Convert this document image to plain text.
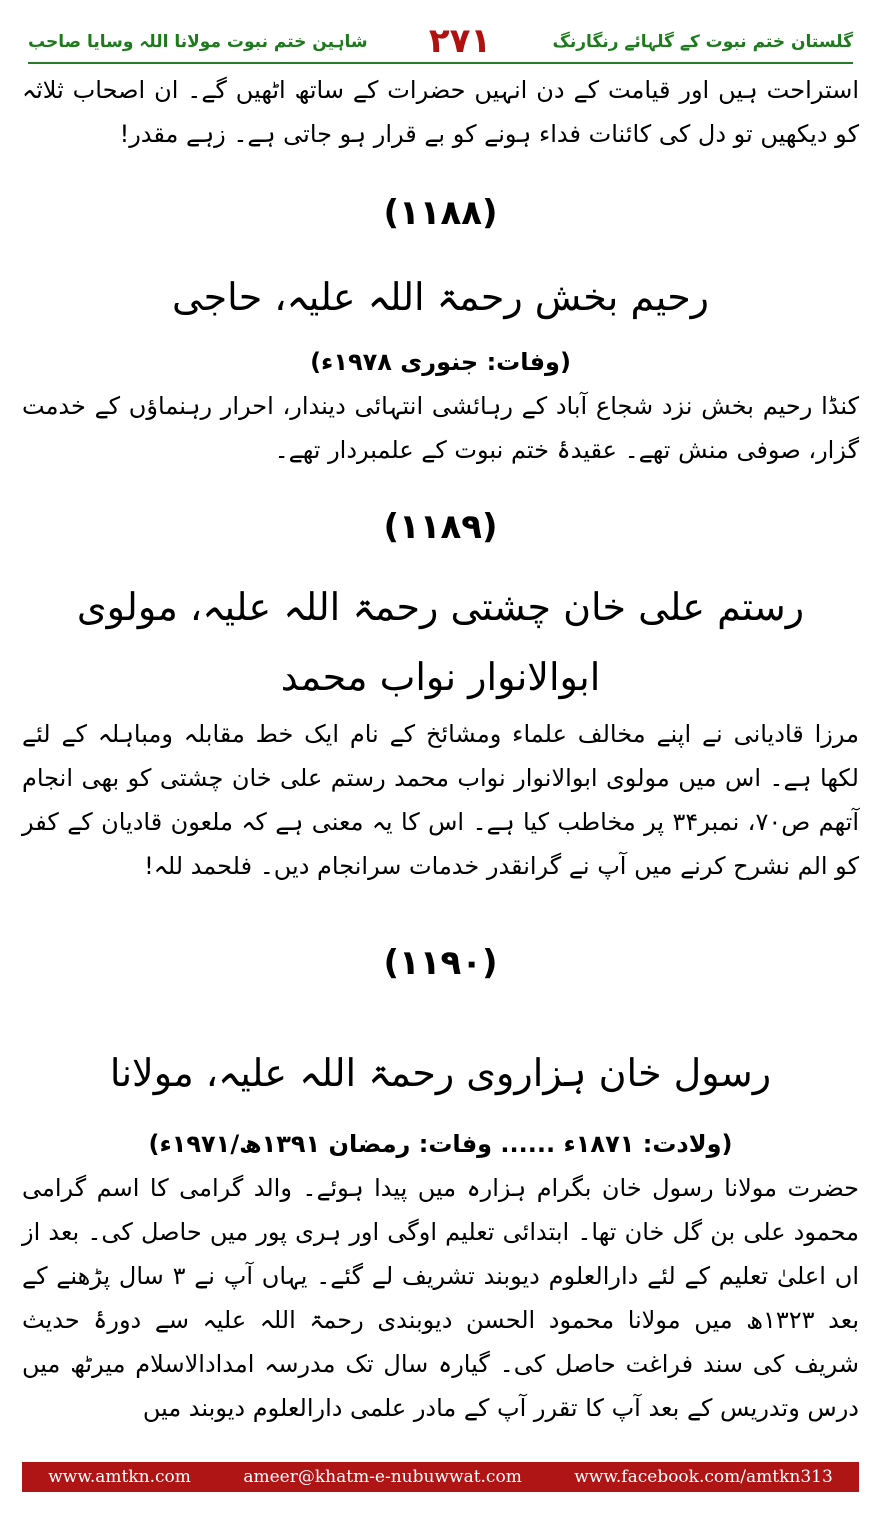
شاہین ختم نبوت مولانا اللہ وسایا صاحب ۲۷۱	گلستان ختم نبوت کے گلہائے رنگارنگ

استراحت ہیں اور قیامت کے دن انہیں حضرات کے ساتھ اٹھیں گے۔ ان اصحاب ثلاثہ کو دیکھیں تو دل کی کائنات فداء ہونے کو بے قرار ہو جاتی ہے۔ زہے مقدر!

(۱۱۸۸)

رحیم بخش رحمۃ اللہ علیہ، حاجی

(وفات: جنوری ۱۹۷۸ء)

کنڈا رحیم بخش نزد شجاع آباد کے رہائشی انتہائی دیندار، احرار رہنماؤں کے خدمت گزار، صوفی منش تھے۔ عقیدۂ ختم نبوت کے علمبردار تھے۔

(۱۱۸۹)

رستم علی خان چشتی رحمۃ اللہ علیہ، مولوی ابوالانوار نواب محمد

مرزا قادیانی نے اپنے مخالف علماء ومشائخ کے نام ایک خط مقابلہ ومباہلہ کے لئے لکھا ہے۔ اس میں مولوی ابوالانوار نواب محمد رستم علی خان چشتی کو بھی انجام آتھم ص۷۰، نمبر۳۴ پر مخاطب کیا ہے۔ اس کا یہ معنی ہے کہ ملعون قادیان کے کفر کو الم نشرح کرنے میں آپ نے گرانقدر خدمات سرانجام دیں۔ فلحمد للہ!

(۱۱۹۰)

رسول خان ہزاروی رحمۃ اللہ علیہ، مولانا

(ولادت: ۱۸۷۱ء ...... وفات: رمضان ۱۳۹۱ھ/۱۹۷۱ء)

حضرت مولانا رسول خان بگرام ہزارہ میں پیدا ہوئے۔ والد گرامی کا اسم گرامی محمود علی بن گل خان تھا۔ ابتدائی تعلیم اوگی اور ہری پور میں حاصل کی۔ بعد از اں اعلیٰ تعلیم کے لئے دارالعلوم دیوبند تشریف لے گئے۔ یہاں آپ نے ۳ سال پڑھنے کے بعد ۱۳۲۳ھ میں مولانا محمود الحسن دیوبندی رحمۃ اللہ علیہ سے دورۂ حدیث شریف کی سند فراغت حاصل کی۔ گیارہ سال تک مدرسہ امدادالاسلام میرٹھ میں درس وتدریس کے بعد آپ کا تقرر آپ کے مادر علمی دارالعلوم دیوبند میں

www.amtkn.com	ameer@khatm-e-nubuwwat.com	www.facebook.com/amtkn313
